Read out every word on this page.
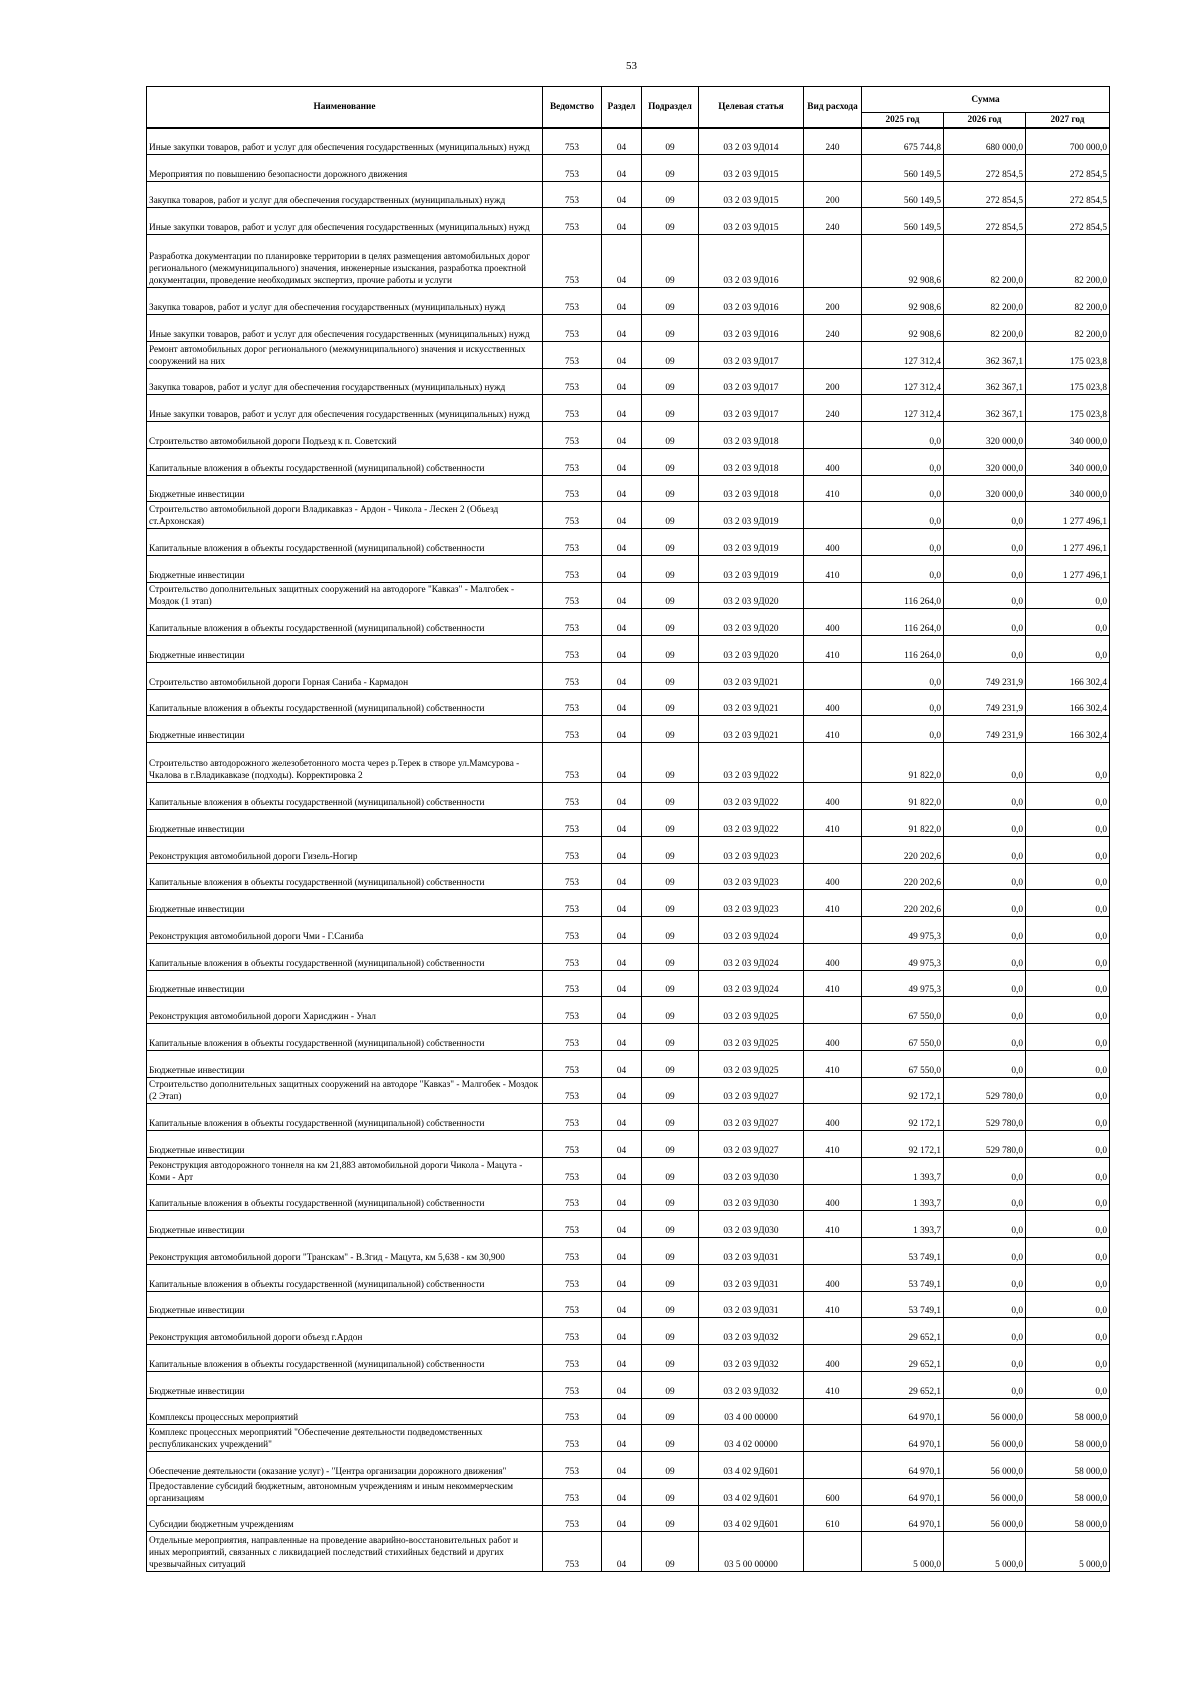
53
Наименование	Ведомство	Раздел	Подраздел	Целевая статья	Вид расхода	Сумма		
						2025 год	2026 год	2027 год
Иные закупки товаров, работ и услуг для обеспечения государственных (муниципальных) нужд	753	04	09	03 2 03 9Д014	240	675 744,8	680 000,0	700 000,0
Мероприятия по повышению безопасности дорожного движения	753	04	09	03 2 03 9Д015		560 149,5	272 854,5	272 854,5
Закупка товаров, работ и услуг для обеспечения государственных (муниципальных) нужд	753	04	09	03 2 03 9Д015	200	560 149,5	272 854,5	272 854,5
Иные закупки товаров, работ и услуг для обеспечения государственных (муниципальных) нужд	753	04	09	03 2 03 9Д015	240	560 149,5	272 854,5	272 854,5
Разработка документации по планировке территории в целях размещения автомобильных дорог регионального (межмуниципального) значения, инженерные изыскания, разработка проектной документации, проведение необходимых экспертиз, прочие работы и услуги	753	04	09	03 2 03 9Д016		92 908,6	82 200,0	82 200,0
Закупка товаров, работ и услуг для обеспечения государственных (муниципальных) нужд	753	04	09	03 2 03 9Д016	200	92 908,6	82 200,0	82 200,0
Иные закупки товаров, работ и услуг для обеспечения государственных (муниципальных) нужд	753	04	09	03 2 03 9Д016	240	92 908,6	82 200,0	82 200,0
Ремонт автомобильных дорог регионального (межмуниципального) значения и искусственных сооружений на них	753	04	09	03 2 03 9Д017		127 312,4	362 367,1	175 023,8
Закупка товаров, работ и услуг для обеспечения государственных (муниципальных) нужд	753	04	09	03 2 03 9Д017	200	127 312,4	362 367,1	175 023,8
Иные закупки товаров, работ и услуг для обеспечения государственных (муниципальных) нужд	753	04	09	03 2 03 9Д017	240	127 312,4	362 367,1	175 023,8
Строительство автомобильной дороги Подъезд к п. Советский	753	04	09	03 2 03 9Д018		0,0	320 000,0	340 000,0
Капитальные вложения в объекты государственной (муниципальной) собственности	753	04	09	03 2 03 9Д018	400	0,0	320 000,0	340 000,0
Бюджетные инвестиции	753	04	09	03 2 03 9Д018	410	0,0	320 000,0	340 000,0
Строительство автомобильной дороги Владикавказ - Ардон - Чикола - Лескен 2 (Обьезд ст.Архонская)	753	04	09	03 2 03 9Д019		0,0	0,0	1 277 496,1
Капитальные вложения в объекты государственной (муниципальной) собственности	753	04	09	03 2 03 9Д019	400	0,0	0,0	1 277 496,1
Бюджетные инвестиции	753	04	09	03 2 03 9Д019	410	0,0	0,0	1 277 496,1
Строительство дополнительных защитных сооружений на автодороге "Кавказ" - Малгобек - Моздок (1 этап)	753	04	09	03 2 03 9Д020		116 264,0	0,0	0,0
Капитальные вложения в объекты государственной (муниципальной) собственности	753	04	09	03 2 03 9Д020	400	116 264,0	0,0	0,0
Бюджетные инвестиции	753	04	09	03 2 03 9Д020	410	116 264,0	0,0	0,0
Строительство автомобильной дороги Горная Саниба - Кармадон	753	04	09	03 2 03 9Д021		0,0	749 231,9	166 302,4
Капитальные вложения в объекты государственной (муниципальной) собственности	753	04	09	03 2 03 9Д021	400	0,0	749 231,9	166 302,4
Бюджетные инвестиции	753	04	09	03 2 03 9Д021	410	0,0	749 231,9	166 302,4
Строительство автодорожного железобетонного моста через р.Терек в створе ул.Мамсурова - Чкалова в г.Владикавказе (подходы). Корректировка 2	753	04	09	03 2 03 9Д022		91 822,0	0,0	0,0
Капитальные вложения в объекты государственной (муниципальной) собственности	753	04	09	03 2 03 9Д022	400	91 822,0	0,0	0,0
Бюджетные инвестиции	753	04	09	03 2 03 9Д022	410	91 822,0	0,0	0,0
Реконструкция автомобильной дороги Гизель-Ногир	753	04	09	03 2 03 9Д023		220 202,6	0,0	0,0
Капитальные вложения в объекты государственной (муниципальной) собственности	753	04	09	03 2 03 9Д023	400	220 202,6	0,0	0,0
Бюджетные инвестиции	753	04	09	03 2 03 9Д023	410	220 202,6	0,0	0,0
Реконструкция автомобильной дороги Чми - Г.Саниба	753	04	09	03 2 03 9Д024		49 975,3	0,0	0,0
Капитальные вложения в объекты государственной (муниципальной) собственности	753	04	09	03 2 03 9Д024	400	49 975,3	0,0	0,0
Бюджетные инвестиции	753	04	09	03 2 03 9Д024	410	49 975,3	0,0	0,0
Реконструкция автомобильной дороги Харисджин - Унал	753	04	09	03 2 03 9Д025		67 550,0	0,0	0,0
Капитальные вложения в объекты государственной (муниципальной) собственности	753	04	09	03 2 03 9Д025	400	67 550,0	0,0	0,0
Бюджетные инвестиции	753	04	09	03 2 03 9Д025	410	67 550,0	0,0	0,0
Строительство дополнительных защитных сооружений на автодоре "Кавказ" - Малгобек - Моздок (2 Этап)	753	04	09	03 2 03 9Д027		92 172,1	529 780,0	0,0
Капитальные вложения в объекты государственной (муниципальной) собственности	753	04	09	03 2 03 9Д027	400	92 172,1	529 780,0	0,0
Бюджетные инвестиции	753	04	09	03 2 03 9Д027	410	92 172,1	529 780,0	0,0
Реконструкция автодорожного тоннеля на км 21,883 автомобильной дороги Чикола - Мацута - Коми - Арт	753	04	09	03 2 03 9Д030		1 393,7	0,0	0,0
Капитальные вложения в объекты государственной (муниципальной) собственности	753	04	09	03 2 03 9Д030	400	1 393,7	0,0	0,0
Бюджетные инвестиции	753	04	09	03 2 03 9Д030	410	1 393,7	0,0	0,0
Реконструкция автомобильной дороги "Транскам" - В.Згид - Мацута, км 5,638 - км 30,900	753	04	09	03 2 03 9Д031		53 749,1	0,0	0,0
Капитальные вложения в объекты государственной (муниципальной) собственности	753	04	09	03 2 03 9Д031	400	53 749,1	0,0	0,0
Бюджетные инвестиции	753	04	09	03 2 03 9Д031	410	53 749,1	0,0	0,0
Реконструкция автомобильной дороги объезд г.Ардон	753	04	09	03 2 03 9Д032		29 652,1	0,0	0,0
Капитальные вложения в объекты государственной (муниципальной) собственности	753	04	09	03 2 03 9Д032	400	29 652,1	0,0	0,0
Бюджетные инвестиции	753	04	09	03 2 03 9Д032	410	29 652,1	0,0	0,0
Комплексы процессных мероприятий	753	04	09	03 4 00 00000		64 970,1	56 000,0	58 000,0
Комплекс процессных мероприятий "Обеспечение деятельности подведомственных республиканских учреждений"	753	04	09	03 4 02 00000		64 970,1	56 000,0	58 000,0
Обеспечение деятельности (оказание услуг) - "Центра организации дорожного движения"	753	04	09	03 4 02 9Д601		64 970,1	56 000,0	58 000,0
Предоставление субсидий бюджетным, автономным учреждениям и иным некоммерческим организациям	753	04	09	03 4 02 9Д601	600	64 970,1	56 000,0	58 000,0
Субсидии бюджетным учреждениям	753	04	09	03 4 02 9Д601	610	64 970,1	56 000,0	58 000,0
Отдельные мероприятия, направленные на проведение аварийно-восстановительных работ и иных мероприятий, связанных с ликвидацией последствий стихийных бедствий и других чрезвычайных ситуаций	753	04	09	03 5 00 00000		5 000,0	5 000,0	5 000,0
